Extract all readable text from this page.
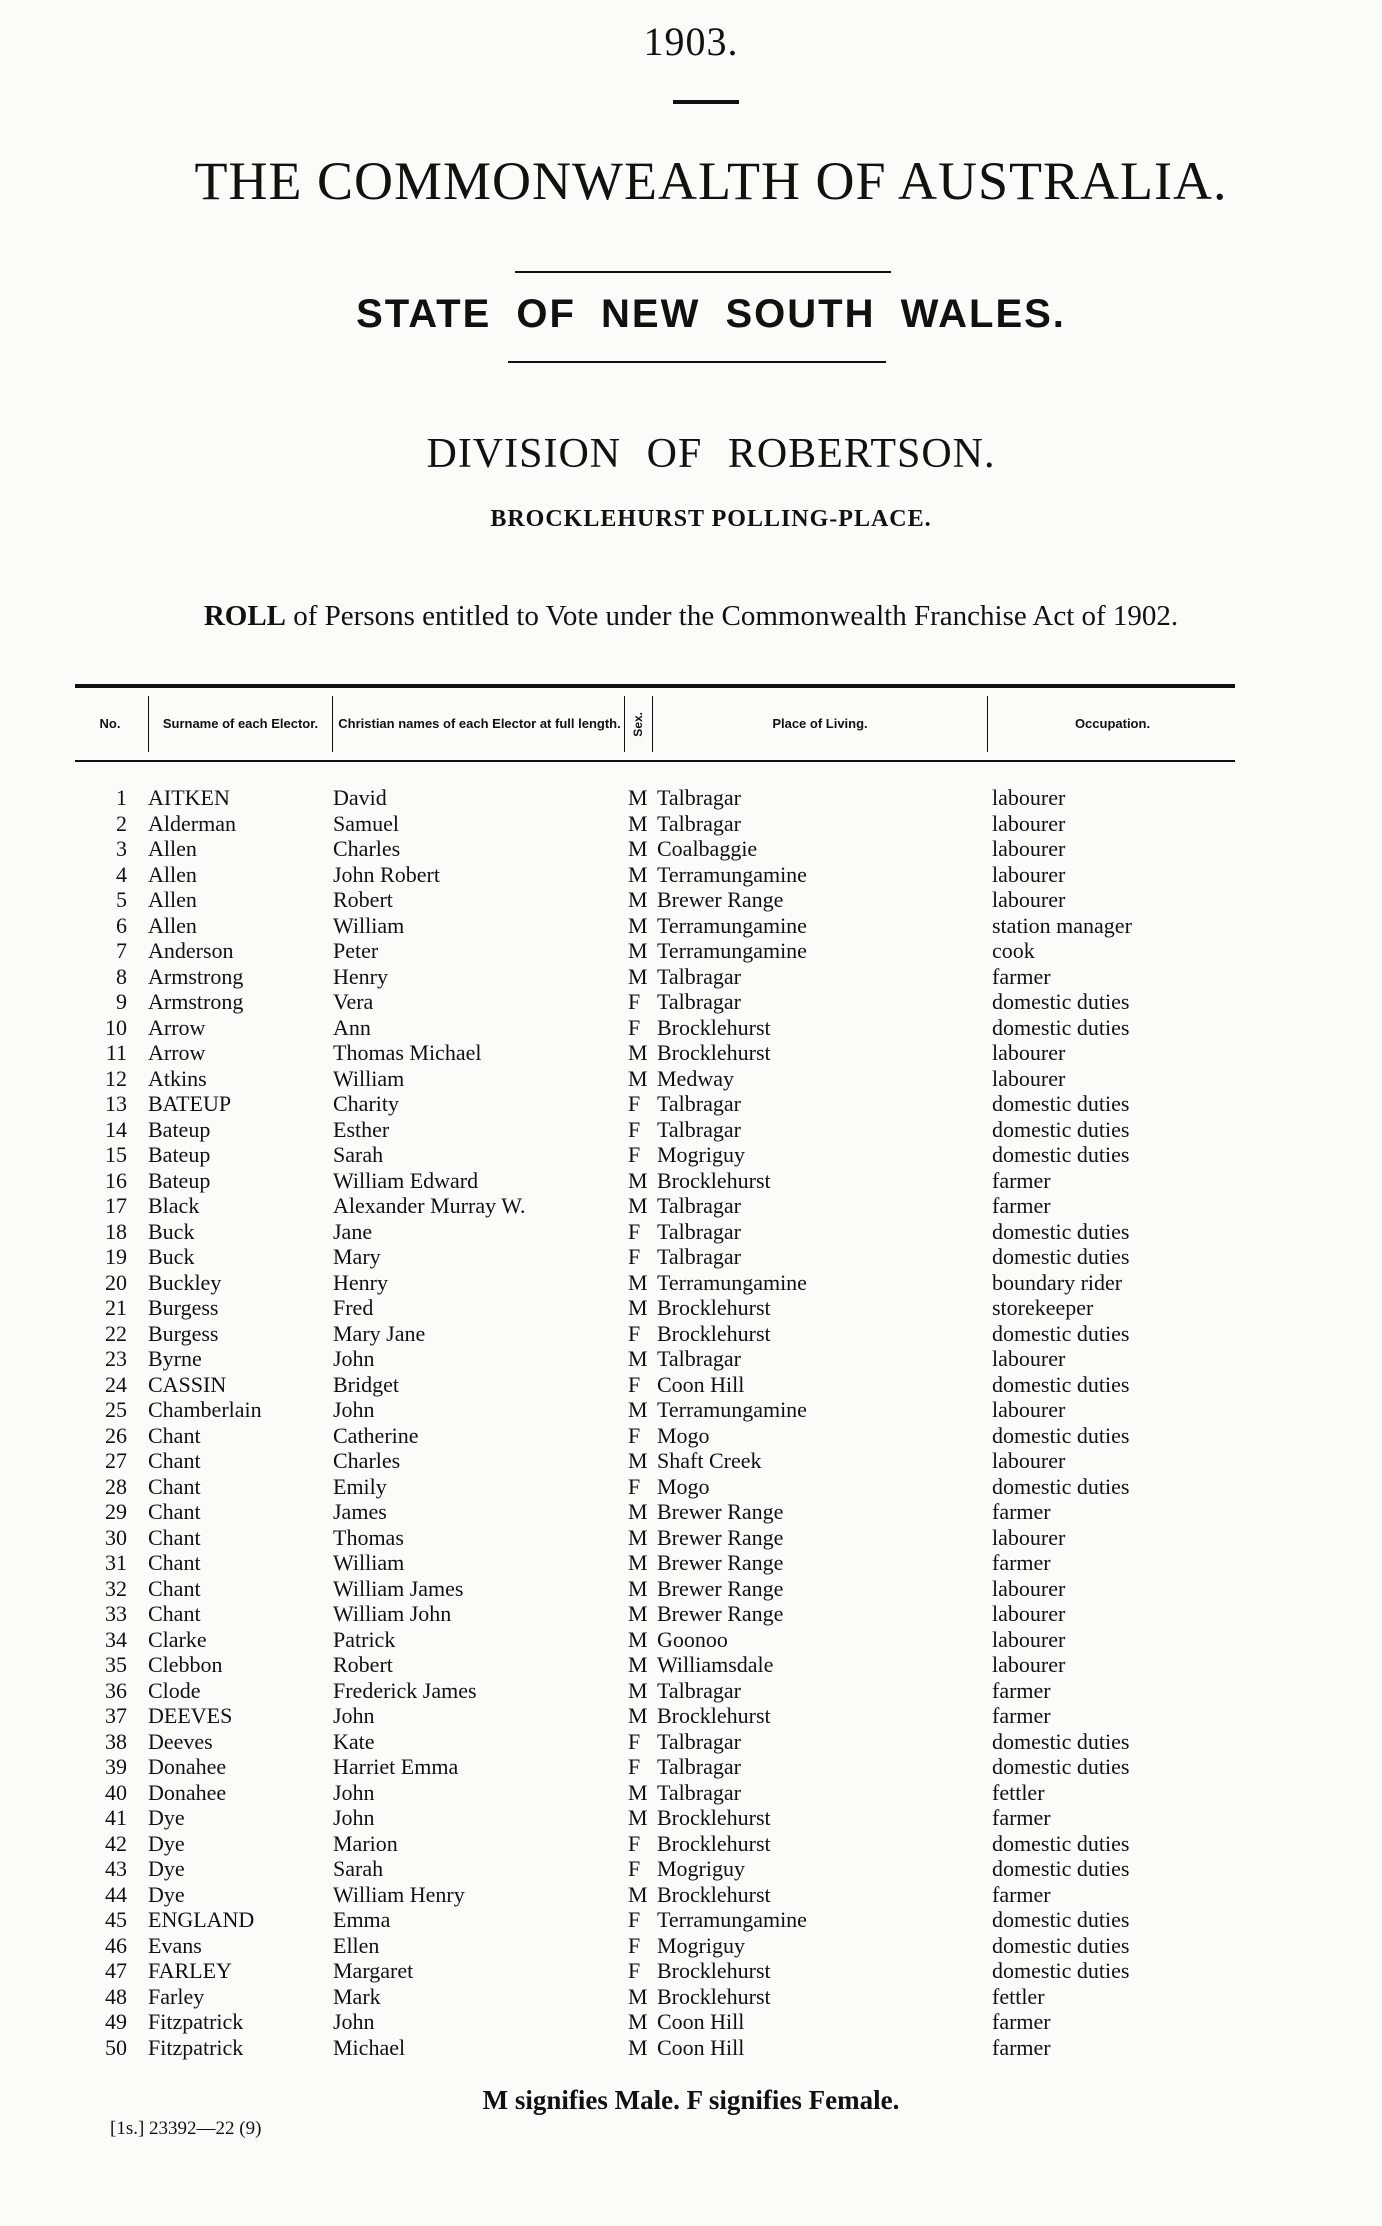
1903.
THE COMMONWEALTH OF AUSTRALIA.
STATE OF NEW SOUTH WALES.
DIVISION OF ROBERTSON.
BROCKLEHURST POLLING-PLACE.
ROLL of Persons entitled to Vote under the Commonwealth Franchise Act of 1902.
No.	Surname of each Elector.	Christian names of each Elector at full length. Sex.	Place of Living.	Occupation.
1 AITKEN	David	M Talbragar	labourer
2 Alderman	Samuel	M Talbragar	labourer
3 Allen	Charles	M Coalbaggie	labourer
4 Allen	John Robert	M Terramungamine	labourer
5 Allen	Robert	M Brewer Range	labourer
6 Allen	William	M Terramungamine	station manager
7 Anderson	Peter	M Terramungamine	cook
8 Armstrong	Henry	M Talbragar	farmer
9 Armstrong	Vera	F Talbragar	domestic duties
10 Arrow	Ann	F Brocklehurst	domestic duties
11 Arrow	Thomas Michael	M Brocklehurst	labourer
12 Atkins	William	M Medway	labourer
13 BATEUP	Charity	F Talbragar	domestic duties
14 Bateup	Esther	F Talbragar	domestic duties
15 Bateup	Sarah	F Mogriguy	domestic duties
16 Bateup	William Edward	M Brocklehurst	farmer
17 Black	Alexander Murray W.	M Talbragar	farmer
18 Buck	Jane	F Talbragar	domestic duties
19 Buck	Mary	F Talbragar	domestic duties
20 Buckley	Henry	M Terramungamine	boundary rider
21 Burgess	Fred	M Brocklehurst	storekeeper
22 Burgess	Mary Jane	F Brocklehurst	domestic duties
23 Byrne	John	M Talbragar	labourer
24 CASSIN	Bridget	F Coon Hill	domestic duties
25 Chamberlain	John	M Terramungamine	labourer
26 Chant	Catherine	F Mogo	domestic duties
27 Chant	Charles	M Shaft Creek	labourer
28 Chant	Emily	F Mogo	domestic duties
29 Chant	James	M Brewer Range	farmer
30 Chant	Thomas	M Brewer Range	labourer
31 Chant	William	M Brewer Range	farmer
32 Chant	William James	M Brewer Range	labourer
33 Chant	William John	M Brewer Range	labourer
34 Clarke	Patrick	M Goonoo	labourer
35 Clebbon	Robert	M Williamsdale	labourer
36 Clode	Frederick James	M Talbragar	farmer
37 DEEVES	John	M Brocklehurst	farmer
38 Deeves	Kate	F Talbragar	domestic duties
39 Donahee	Harriet Emma	F Talbragar	domestic duties
40 Donahee	John	M Talbragar	fettler
41 Dye	John	M Brocklehurst	farmer
42 Dye	Marion	F Brocklehurst	domestic duties
43 Dye	Sarah	F Mogriguy	domestic duties
44 Dye	William Henry	M Brocklehurst	farmer
45 ENGLAND	Emma	F Terramungamine	domestic duties
46 Evans	Ellen	F Mogriguy	domestic duties
47 FARLEY	Margaret	F Brocklehurst	domestic duties
48 Farley	Mark	M Brocklehurst	fettler
49 Fitzpatrick	John	M Coon Hill	farmer
50 Fitzpatrick	Michael	M Coon Hill	farmer
M signifies Male. F signifies Female.
[1s.] 23392—22 (9)
